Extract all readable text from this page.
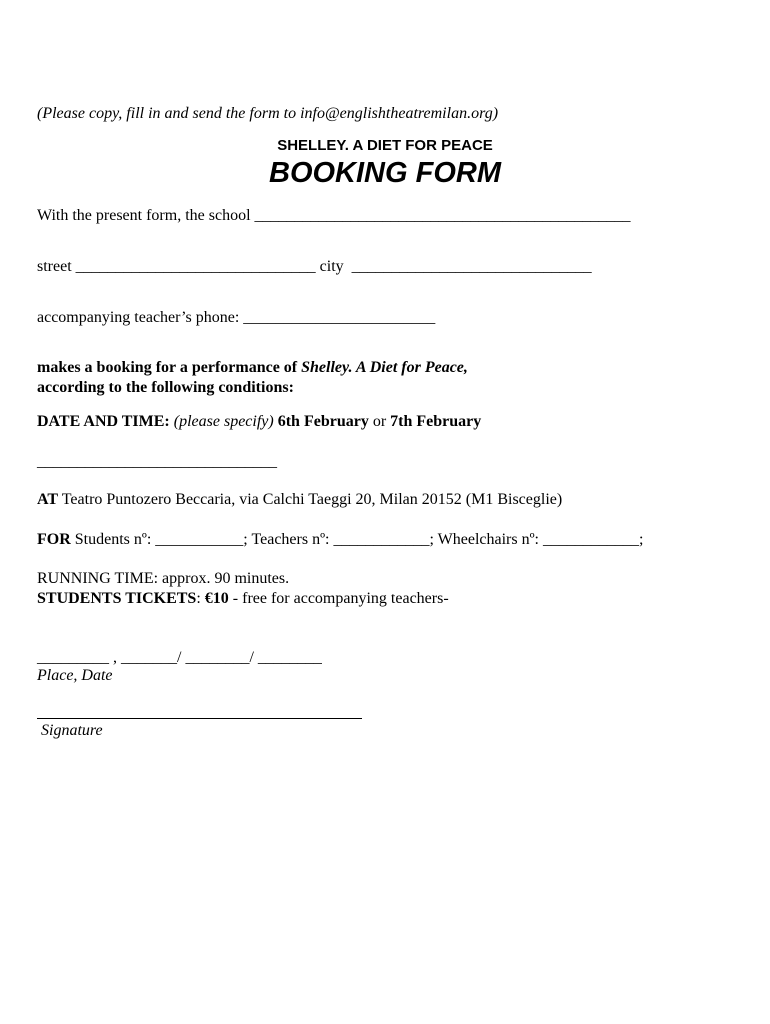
(Please copy, fill in and send the form to info@englishtheatremilan.org)
SHELLEY. A DIET FOR PEACE
BOOKING FORM
With the present form, the school _______________________________________________
street ______________________________ city ______________________________
accompanying teacher’s phone: ________________________
makes a booking for a performance of Shelley. A Diet for Peace,
according to the following conditions:
DATE AND TIME: (please specify) 6th February or 7th February
______________________________
AT Teatro Puntozero Beccaria, via Calchi Taeggi 20, Milan 20152 (M1 Bisceglie)
FOR Students nº: ___________; Teachers nº: ____________; Wheelchairs nº: ____________;
RUNNING TIME: approx. 90 minutes.
STUDENTS TICKETS: €10 - free for accompanying teachers-
_________ , _______/ ________/ ________
Place, Date
Signature
